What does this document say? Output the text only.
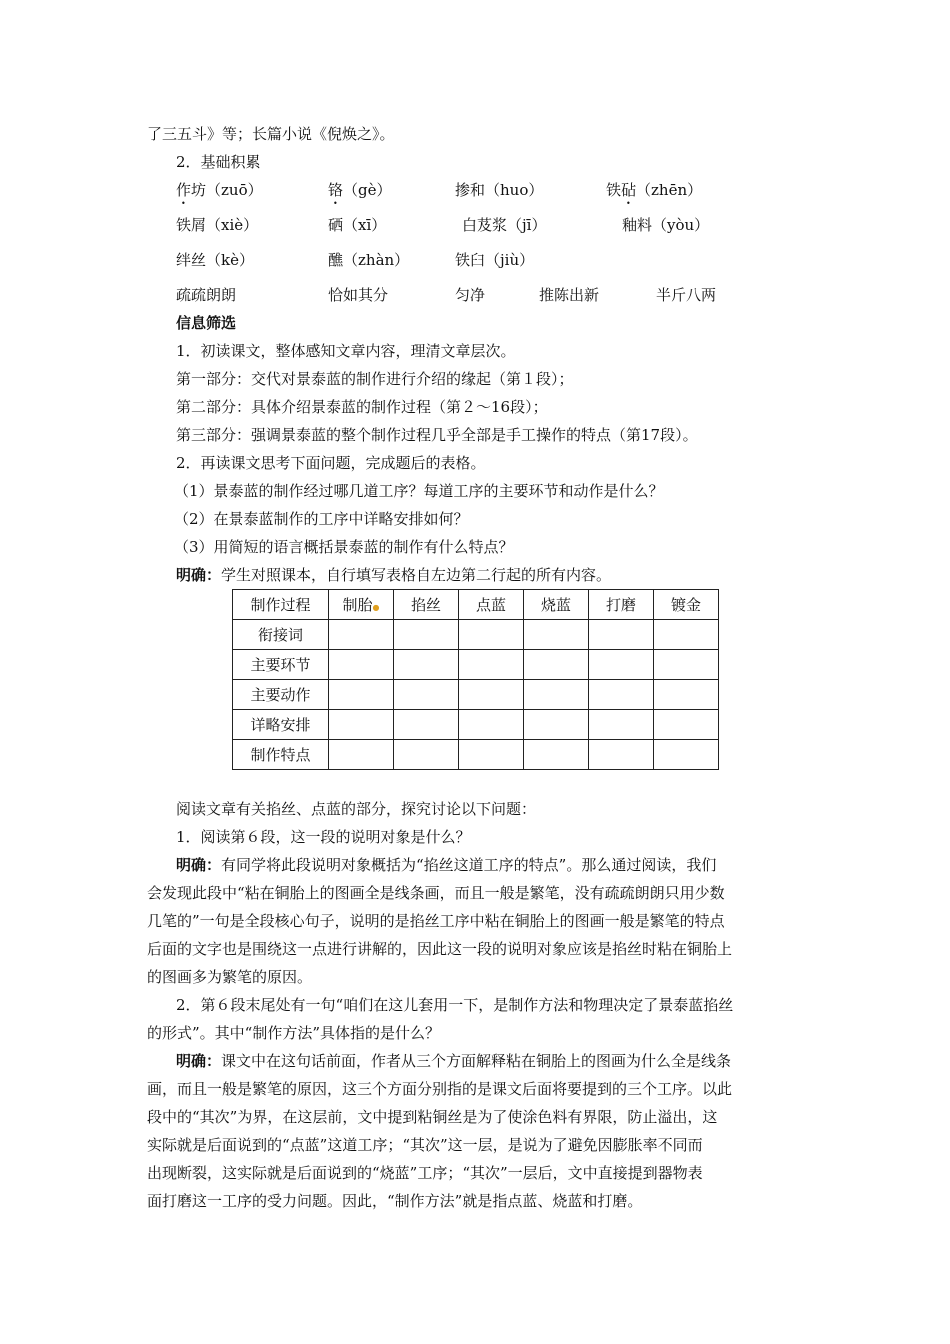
了三五斗》等；长篇小说《倪焕之》。
2．基础积累
作坊（zuō）	铬（gè）	掺和（huo）	铁砧（zhēn）
铁屑（xiè）	硒（xī）	白芨浆（jī）	釉料（yòu）
绊丝（kè）	醮（zhàn）	铁臼（jiù）
疏疏朗朗	恰如其分	匀净	推陈出新	半斤八两
信息筛选
1．初读课文，整体感知文章内容，理清文章层次。
第一部分：交代对景泰蓝的制作进行介绍的缘起（第１段）；
第二部分：具体介绍景泰蓝的制作过程（第２～16段）；
第三部分：强调景泰蓝的整个制作过程几乎全部是手工操作的特点（第17段）。
2．再读课文思考下面问题，完成题后的表格。
（1）景泰蓝的制作经过哪几道工序？每道工序的主要环节和动作是什么？
（2）在景泰蓝制作的工序中详略安排如何？
（3）用简短的语言概括景泰蓝的制作有什么特点？
明确：学生对照课本，自行填写表格自左边第二行起的所有内容。
制作过程	制胎●	掐丝	点蓝	烧蓝	打磨	镀金
衔接词						
主要环节						
主要动作						
详略安排						
制作特点						
阅读文章有关掐丝、点蓝的部分，探究讨论以下问题：
1．阅读第６段，这一段的说明对象是什么？
明确：有同学将此段说明对象概括为“掐丝这道工序的特点”。那么通过阅读，我们
会发现此段中“粘在铜胎上的图画全是线条画，而且一般是繁笔，没有疏疏朗朗只用少数
几笔的”一句是全段核心句子，说明的是掐丝工序中粘在铜胎上的图画一般是繁笔的特点
后面的文字也是围绕这一点进行讲解的，因此这一段的说明对象应该是掐丝时粘在铜胎上
的图画多为繁笔的原因。
2．第６段末尾处有一句“咱们在这儿套用一下，是制作方法和物理决定了景泰蓝掐丝
的形式”。其中“制作方法”具体指的是什么？
明确：课文中在这句话前面，作者从三个方面解释粘在铜胎上的图画为什么全是线条
画，而且一般是繁笔的原因，这三个方面分别指的是课文后面将要提到的三个工序。以此
段中的“其次”为界，在这层前，文中提到粘铜丝是为了使涂色料有界限，防止溢出，这
实际就是后面说到的“点蓝”这道工序；“其次”这一层，是说为了避免因膨胀率不同而
出现断裂，这实际就是后面说到的“烧蓝”工序；“其次”一层后，文中直接提到器物表
面打磨这一工序的受力问题。因此，“制作方法”就是指点蓝、烧蓝和打磨。
